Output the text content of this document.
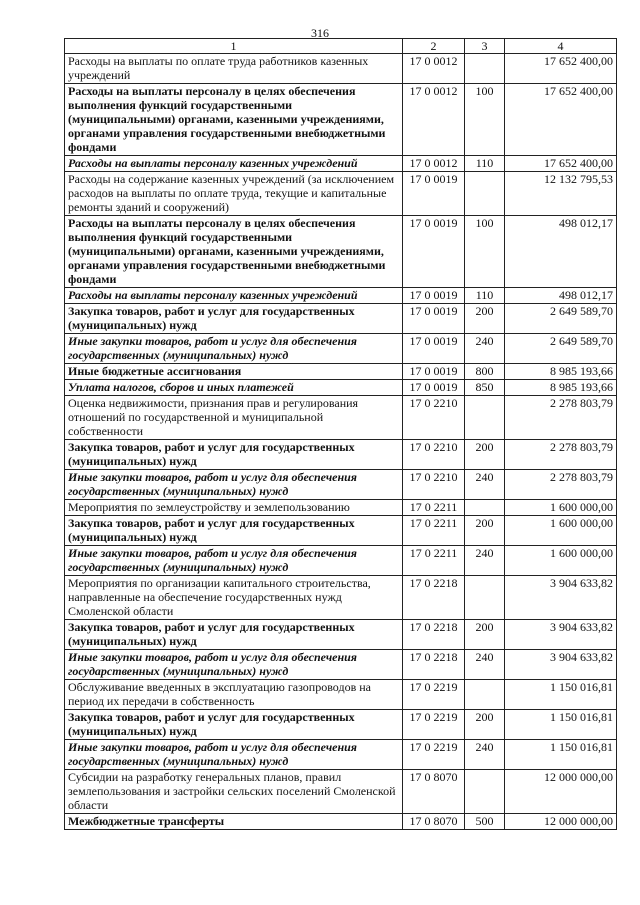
316
1	2	3	4
Расходы на выплаты по оплате труда работников казенных учреждений	17 0 0012		17 652 400,00
Расходы на выплаты персоналу в целях обеспечения выполнения функций государственными (муниципальными) органами, казенными учреждениями, органами управления государственными внебюджетными фондами	17 0 0012	100	17 652 400,00
Расходы на выплаты персоналу казенных учреждений	17 0 0012	110	17 652 400,00
Расходы на содержание казенных учреждений (за исключением расходов на выплаты по оплате труда, текущие и капитальные ремонты зданий и сооружений)	17 0 0019		12 132 795,53
Расходы на выплаты персоналу в целях обеспечения выполнения функций государственными (муниципальными) органами, казенными учреждениями, органами управления государственными внебюджетными фондами	17 0 0019	100	498 012,17
Расходы на выплаты персоналу казенных учреждений	17 0 0019	110	498 012,17
Закупка товаров, работ и услуг для государственных (муниципальных) нужд	17 0 0019	200	2 649 589,70
Иные закупки товаров, работ и услуг для обеспечения государственных (муниципальных) нужд	17 0 0019	240	2 649 589,70
Иные бюджетные ассигнования	17 0 0019	800	8 985 193,66
Уплата налогов, сборов и иных платежей	17 0 0019	850	8 985 193,66
Оценка недвижимости, признания прав и регулирования отношений по государственной и муниципальной собственности	17 0 2210		2 278 803,79
Закупка товаров, работ и услуг для государственных (муниципальных) нужд	17 0 2210	200	2 278 803,79
Иные закупки товаров, работ и услуг для обеспечения государственных (муниципальных) нужд	17 0 2210	240	2 278 803,79
Мероприятия по землеустройству и землепользованию	17 0 2211		1 600 000,00
Закупка товаров, работ и услуг для государственных (муниципальных) нужд	17 0 2211	200	1 600 000,00
Иные закупки товаров, работ и услуг для обеспечения государственных (муниципальных) нужд	17 0 2211	240	1 600 000,00
Мероприятия по организации капитального строительства, направленные на обеспечение государственных нужд Смоленской области	17 0 2218		3 904 633,82
Закупка товаров, работ и услуг для государственных (муниципальных) нужд	17 0 2218	200	3 904 633,82
Иные закупки товаров, работ и услуг для обеспечения государственных (муниципальных) нужд	17 0 2218	240	3 904 633,82
Обслуживание введенных в эксплуатацию газопроводов на период их передачи в собственность	17 0 2219		1 150 016,81
Закупка товаров, работ и услуг для государственных (муниципальных) нужд	17 0 2219	200	1 150 016,81
Иные закупки товаров, работ и услуг для обеспечения государственных (муниципальных) нужд	17 0 2219	240	1 150 016,81
Субсидии на разработку генеральных планов, правил землепользования и застройки сельских поселений Смоленской области	17 0 8070		12 000 000,00
Межбюджетные трансферты	17 0 8070	500	12 000 000,00
